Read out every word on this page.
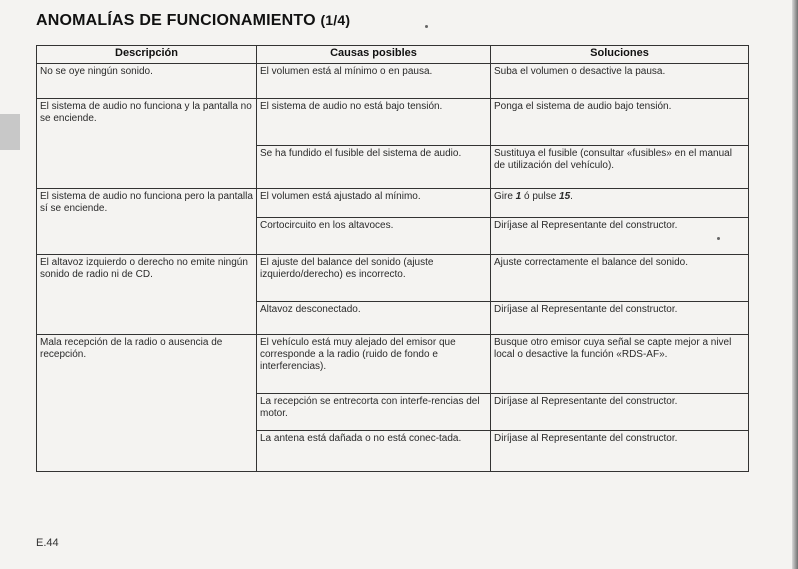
ANOMALÍAS DE FUNCIONAMIENTO (1/4)
Descripción	Causas posibles	Soluciones
No se oye ningún sonido.	El volumen está al mínimo o en pausa.	Suba el volumen o desactive la pausa.
El sistema de audio no funciona y la pantalla no se enciende.	El sistema de audio no está bajo tensión.	Ponga el sistema de audio bajo tensión.
	Se ha fundido el fusible del sistema de audio.	Sustituya el fusible (consultar «fusibles» en el manual de utilización del vehículo).
El sistema de audio no funciona pero la pantalla sí se enciende.	El volumen está ajustado al mínimo.	Gire 1 ó pulse 15.
	Cortocircuito en los altavoces.	Diríjase al Representante del constructor.
El altavoz izquierdo o derecho no emite ningún sonido de radio ni de CD.	El ajuste del balance del sonido (ajuste izquierdo/derecho) es incorrecto.	Ajuste correctamente el balance del sonido.
	Altavoz desconectado.	Diríjase al Representante del constructor.
Mala recepción de la radio o ausencia de recepción.	El vehículo está muy alejado del emisor que corresponde a la radio (ruido de fondo e interferencias).	Busque otro emisor cuya señal se capte mejor a nivel local o desactive la función «RDS-AF».
	La recepción se entrecorta con interfe-rencias del motor.	Diríjase al Representante del constructor.
	La antena está dañada o no está conec-tada.	Diríjase al Representante del constructor.
E.44
